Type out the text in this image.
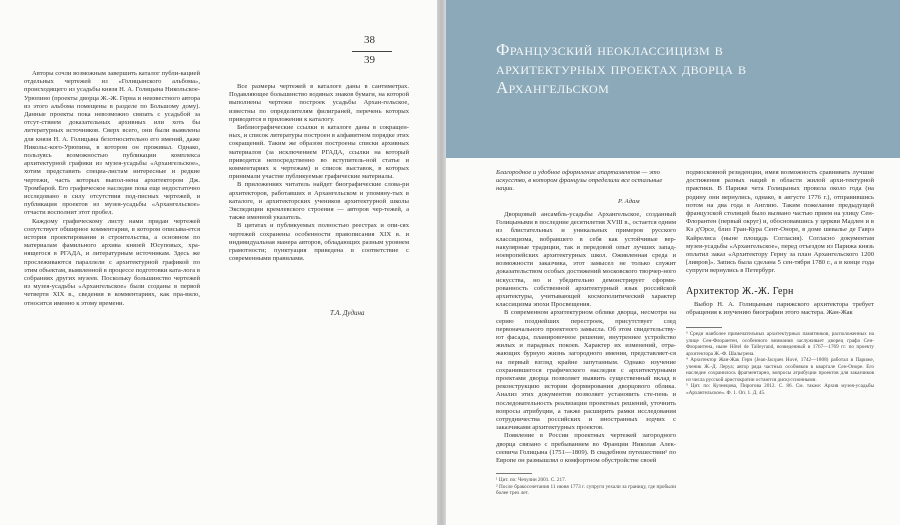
38
39

Авторы сочли возможным завершить каталог публи-кацией отдельных чертежей из «Голицынского альбома», происходящего из усадьбы князя Н. А. Голицына Никольское-Урюпино (проекты дворца Ж.-Ж. Герна и неизвестного автора из этого альбома помещены в разделе по Большому дому). Данные проекты пока невозможно связать с усадьбой за отсут-ствием доказательных архивных или хоть бы литературных источников. Сверх всего, они были выявлены для князя Н. А. Голицына безотносительно его имений, даже Никольс-кого-Урюпина, в котором он проживал. Однако, пользуясь возможностью публикации комплекса архитектурной графики из музея-усадьбы «Архангельское», хотим представить специа-листам интересные и редкие чертежи, часть которых выпол-нена архитектором Дж. Тромбарой. Его графическое наследие пока еще недостаточно исследовано в силу отсутствия под-писных чертежей, и публикация проектов из музея-усадьбы «Архангельское» отчасти восполнит этот пробел.

Каждому графическому листу нами придан чертежей сопутствует обширное комментарии, в котором описыва-ется история проектирования и строительства, а основном по материалам фамильного архива князей Юсуповых, хра-нящегося в РГАДА, и литературным источникам. Здесь же прослеживаются параллели с архитектурной графикой по этим объектам, выявленной в процессе подготовки ката-лога в собраниях других музеев. Поскольку большинство чертежей из музея-усадьбы «Архангельское» были созданы в первой четверти XIX в., сведения в комментариях, как пра-вило, относятся именно к этому времени.

Все размеры чертежей в каталоге даны в сантиметрах. Подавляющее большинство водяных знаков бумаги, на которой выполнены чертежи построек усадьбы Архан-гельское, известны по определителям филиграней, перечень которых приводится в приложении к каталогу.

Библиографические ссылки в каталоге даны в сокращен-ных, и список литературы построен в алфавитном порядке этих сокращений. Таким же образом построены списки архивных материалов (за исключением РГАДА, ссылки на который приводятся непосредственно во вступитель-ной статье и комментариях к чертежам) и список выставок, в которых принимали участие публикуемые графические материалы.

В приложениях читатель найдет биографические слова-ри архитекторов, работавших в Архангельском и упомяну-тых в каталоге, и архитекторских учеников архитектурной школы Экспедиции кремлевского строения — авторов чер-тежей, а также именной указатель.

В цитатах и публикуемых полностью реестрах и опи-сях чертежей сохранены особенности правописания XIX в. и индивидуальная манера авторов, обладающих разным уровнем грамотности; пунктуация приведена в соответствие с современными правилами.

Т.А. Дудина
Французский неоклассицизм в архитектурных проектах дворца в Архангельском
Благородное и удобное оформление апартаментов — это искусство, в котором французы определили все остальные нации.
Р. Адам

Дворцовый ансамбль-усадьбы Архангельское, созданный Голицыными в последние десятилетия XVIII в., остается одним из блистательных и уникальных примеров русского классицизма, вобравшего в себя как устойчивые вер-накулярные традиции, так и передовой опыт лучших запад-ноевропейских архитектурных школ. Оживленная среда и возможности заказчика, этот замысел не только служит доказательством особых достижений московского творчер-ного искусства, но и убедительно демонстрирует сформи-рованность собственной архитектурный язык российской архитектуры, учитывающей космополитический характер классицизма эпохи Просвещения.

В современном архитектурном облике дворца, несмотря на серию позднейших перестроек, присутствует след первоначального проектного замысла. Об этом свидетельству-ют фасады, планировочное решение, внутреннее устройство жилых и парадных покоев. Характер их изменений, отра-жающих бурную жизнь загородного имения, представляет-ся на первый взгляд крайне запутанным. Однако изучение сохранившегося графического наследия с архитектурными проектами дворца позволяет выявить существенный вклад в реконструкцию истории формирования дворцового облика. Анализ этих документов позволяет установить сте-пень и последовательность реализации проектных решений, уточнить вопросы атрибуции, а также расширить рамки исследования сотрудничества российских и иностранных зодчих с заказчиками архитектурных проектов.

Появление в России проектных чертежей загородного дворца связано с пребыванием во Франции Николая Алек-сеевича Голицына (1751—1809). В свадебном путешествии¹ по Европе он размышлял о комфортном обустройстве своей

¹ Цит. по: Чечулин 2001. С. 217.

² После бракосочетания 11 июня 1773 г. супруги уехали за границу, где пробыли более трех лет.

подмосковной резиденции, имея возможность сравнивать лучшие достижения разных наций в области жилой архи-тектурной практики. В Париже чета Голицыных провела около года (на родину они вернулись, однако, в августе 1776 г.), отправившись потом на два года в Англию. Таким пожелание предыдущей французской столицей было вызвано частью прием на улицу Сен-Флорантен (первый округ) и, обосновавшись у церкви Мадлен и в Кэ д'Орсе, близ Гран-Кура Сент-Оноре, в доме шевалье де Гаврэ Кайрелиса (ныне площадь Согласия). Согласно документам музея-усадьбы «Архангельское», перед отъездом из Парижа князь оплатил заказ «Архитектору Герну за план Архангельского 1200 [ливров]». Запись была сделана 5 сен-тября 1780 г., а в конце года супруги вернулись в Петербург.

Архитектор Ж.-Ж. Герн

Выбор Н. А. Голицыным парижского архитектора требует обращения к изучению биографии этого мастера. Жан-Жак

³ Среди наиболее примечательных архитектурных памятников, расположенных на улице Сен-Флорантен, особенного внимания заслуживает дворец графа Сен-Флорантена, ныне Hôtel de Talleyrand, возведенный в 1767—1769 гг. по проекту архитектора Ж.-Ф. Шальгрена.

⁴ Архитектор Жан-Жак Герн (Jean-Jacques Huvé, 1742—1808) работал в Париже, ученик Ж.-Д. Леруа; автор ряда частных особняков в квартале Сен-Оноре. Его наследие сохранилось фрагментарно, вопросы атрибуции проектов для заказчиков из числа русской аристократии остаются дискуссионными.

⁵ Цит. по: Кузнецова, Пирогова 2012. С. 86. См. также: Архив музея-усадьбы «Архангельское». Ф. 1. Оп. 1. Д. 45.
